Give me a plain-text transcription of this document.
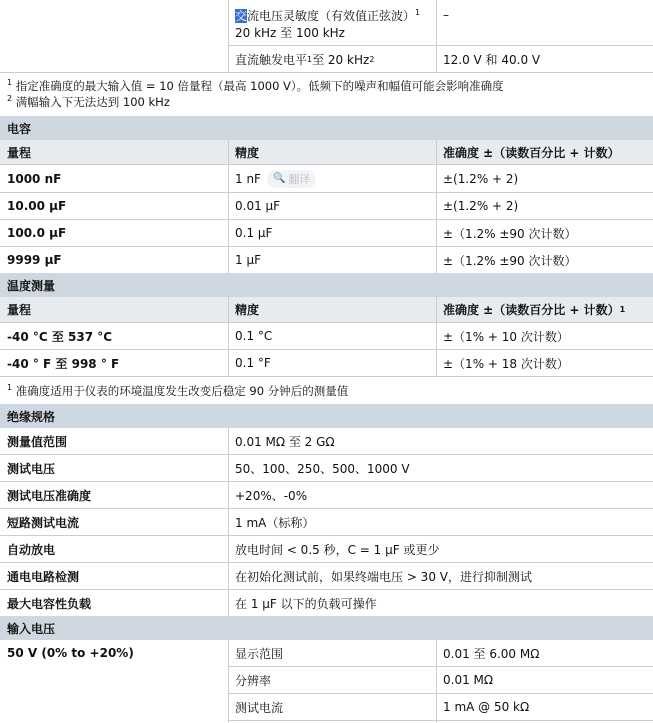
交流电压灵敏度（有效值正弦波）$^1$
20 kHz 至 100 kHz
–
直流触发电平 1 至 20 kHz 2	12.0 V 和 40.0 V
$^1$ 指定准确度的最大输入值 = 10 倍量程（最高 1000 V）。低频下的噪声和幅值可能会影响准确度
$^2$ 满幅输入下无法达到 100 kHz
电容
量程	精度	准确度 ±（读数百分比 + 计数）
1000 nF	1 nF 🔍 翻译	±(1.2% + 2)
10.00 μF	0.01 μF	±(1.2% + 2)
100.0 μF	0.1 μF	±（1.2% ±90 次计数）
9999 μF	1 μF	±（1.2% ±90 次计数）
温度测量
量程	精度	准确度 ±（读数百分比 + 计数） 1
-40 °C 至 537 °C	0.1 °C	±（1% + 10 次计数）
-40 ° F 至 998 ° F	0.1 °F	±（1% + 18 次计数）
$^1$ 准确度适用于仪表的环境温度发生改变后稳定 90 分钟后的测量值
绝缘规格
测量值范围	0.01 MΩ 至 2 GΩ
测试电压	50、100、250、500、1000 V
测试电压准确度	+20%、-0%
短路测试电流	1 mA（标称）
自动放电	放电时间 < 0.5 秒，C = 1 μF 或更少
通电电路检测	在初始化测试前，如果终端电压 > 30 V，进行抑制测试
最大电容性负载	在 1 μF 以下的负载可操作
输入电压
50 V (0% to +20%)	显示范围	0.01 至 6.00 MΩ
分辨率	0.01 MΩ
测试电流	1 mA @ 50 kΩ
